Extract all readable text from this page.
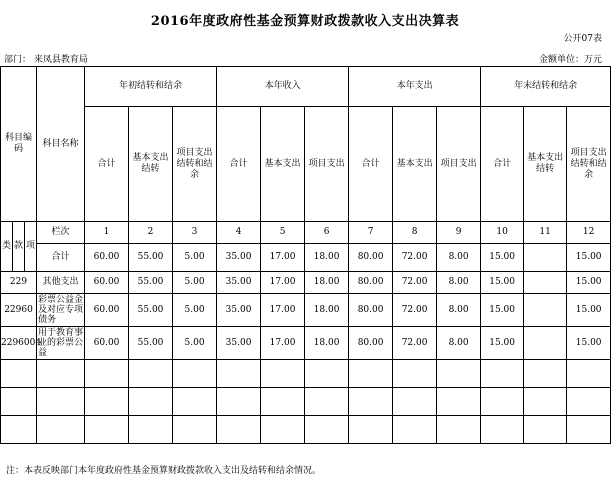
2016年度政府性基金预算财政拨款收入支出决算表
公开07表
部门： 来凤县教育局	金额单位：万元
科目编码			科目名称	年初结转和结余			本年收入			本年支出			年末结转和结余		
				合计	基本支出结转	项目支出结转和结余	合计	基本支出	项目支出	合计	基本支出	项目支出	合计	基本支出结转	项目支出结转和结余

类	款	项	栏次	1	2	3	4	5	6	7	8	9	10	11	12
			合计	60.00	55.00	5.00	35.00	17.00	18.00	80.00	72.00	8.00	15.00		15.00
229			其他支出	60.00	55.00	5.00	35.00	17.00	18.00	80.00	72.00	8.00	15.00		15.00
22960			彩票公益金及对应专项债务	60.00	55.00	5.00	35.00	17.00	18.00	80.00	72.00	8.00	15.00		15.00
2296004			用于教育事业的彩票公益	60.00	55.00	5.00	35.00	17.00	18.00	80.00	72.00	8.00	15.00		15.00

注：本表反映部门本年度政府性基金预算财政拨款收入支出及结转和结余情况。
